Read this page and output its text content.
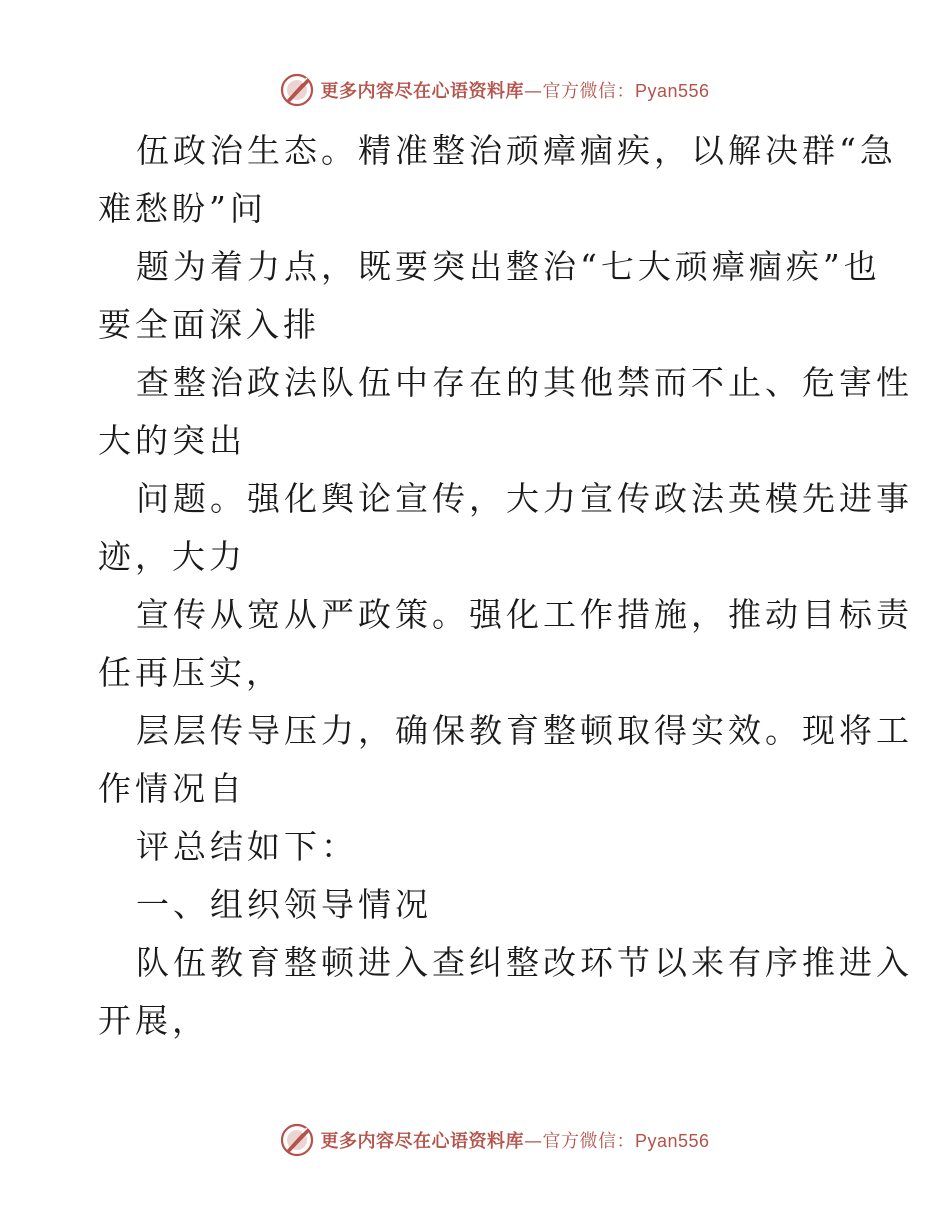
更多内容尽在心语资料库—官方微信：Pyan556
伍政治生态。精准整治顽瘴痼疾，以解决群“急
难愁盼”问
题为着力点，既要突出整治“七大顽瘴痼疾”也
要全面深入排
查整治政法队伍中存在的其他禁而不止、危害性
大的突出
问题。强化舆论宣传，大力宣传政法英模先进事
迹，大力
宣传从宽从严政策。强化工作措施，推动目标责
任再压实，
层层传导压力，确保教育整顿取得实效。现将工
作情况自
评总结如下：
一、组织领导情况
队伍教育整顿进入查纠整改环节以来有序推进入
开展，
更多内容尽在心语资料库—官方微信：Pyan556
